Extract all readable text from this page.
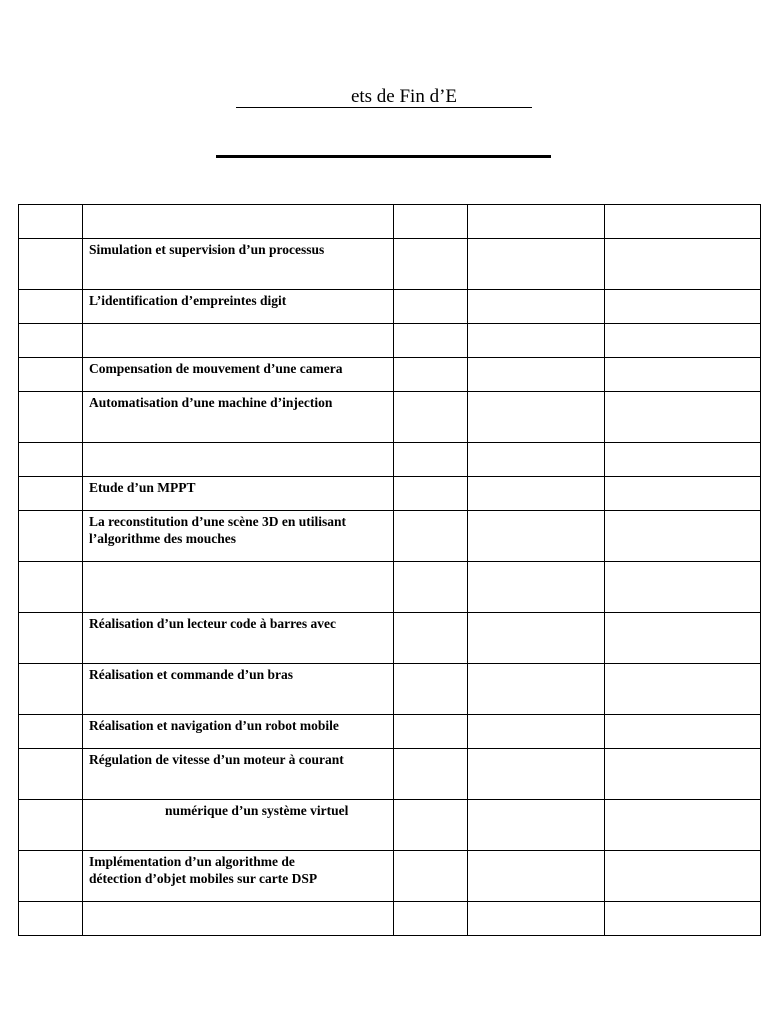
ets de Fin d’E

	Simulation et supervision d’un processus			

	L’identification d’empreintes digit			

	Compensation de mouvement d’une camera			

	Automatisation d’une machine d’injection			

	Etude d’un MPPT			

	La reconstitution d’une scène 3D en utilisant
l’algorithme des mouches			

	Réalisation d’un lecteur code à barres avec			

	Réalisation et commande d’un bras			

	Réalisation et navigation d’un robot mobile			

	Régulation de vitesse d’un moteur à courant			

	numérique d’un système virtuel			

	Implémentation d’un algorithme de
détection d’objet mobiles sur carte DSP			
